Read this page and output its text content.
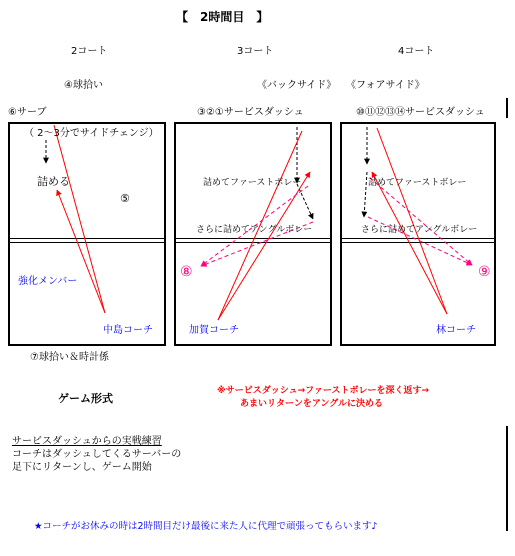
【　2時間目　】
2コート	3コート	4コート
④球拾い	《バックサイド》 《フォアサイド》
⑥サーブ	③②①サービスダッシュ	⑩⑪⑫⑬⑭サービスダッシュ
（ 2～3分でサイドチェンジ）
詰める
⑤
強化メンバー
中島コーチ
詰めてファーストボレー
さらに詰めてアングルボレー
⑧
加賀コーチ
詰めてファーストボレー
さらに詰めてアングルボレー
⑨
林コーチ
⑦球拾い＆時計係
ゲーム形式
※サービスダッシュ→ファーストボレーを深く返す→
あまいリターンをアングルに決める
サービスダッシュからの実戦練習
コーチはダッシュしてくるサーバーの
足下にリターンし、ゲーム開始
★コーチがお休みの時は2時間目だけ最後に来た人に代理で頑張ってもらいます♪
